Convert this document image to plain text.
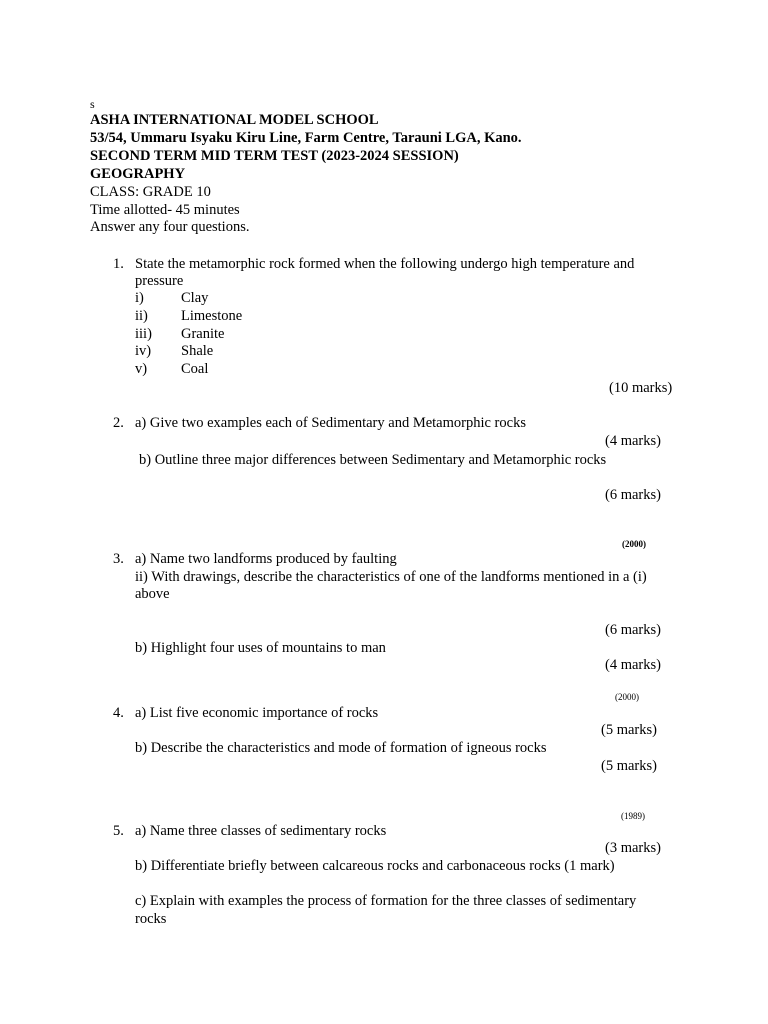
s
ASHA INTERNATIONAL MODEL SCHOOL
53/54, Ummaru Isyaku Kiru Line, Farm Centre, Tarauni LGA, Kano.
SECOND TERM MID TERM TEST (2023-2024 SESSION)
GEOGRAPHY
CLASS: GRADE 10
Time allotted- 45 minutes
Answer any four questions.
1. State the metamorphic rock formed when the following undergo high temperature and
pressure
i)	Clay
ii) Limestone
iii) Granite
iv) Shale
v) Coal
(10 marks)
2. a) Give two examples each of Sedimentary and Metamorphic rocks
(4 marks)
b) Outline three major differences between Sedimentary and Metamorphic rocks
(6 marks)
(2000)
3. a) Name two landforms produced by faulting
ii) With drawings, describe the characteristics of one of the landforms mentioned in a (i)
above
(6 marks)
b) Highlight four uses of mountains to man
(4 marks)
(2000)
4. a) List five economic importance of rocks
(5 marks)
b) Describe the characteristics and mode of formation of igneous rocks
(5 marks)
(1989)
5. a) Name three classes of sedimentary rocks
(3 marks)
b) Differentiate briefly between calcareous rocks and carbonaceous rocks (1 mark)
c) Explain with examples the process of formation for the three classes of sedimentary
rocks
